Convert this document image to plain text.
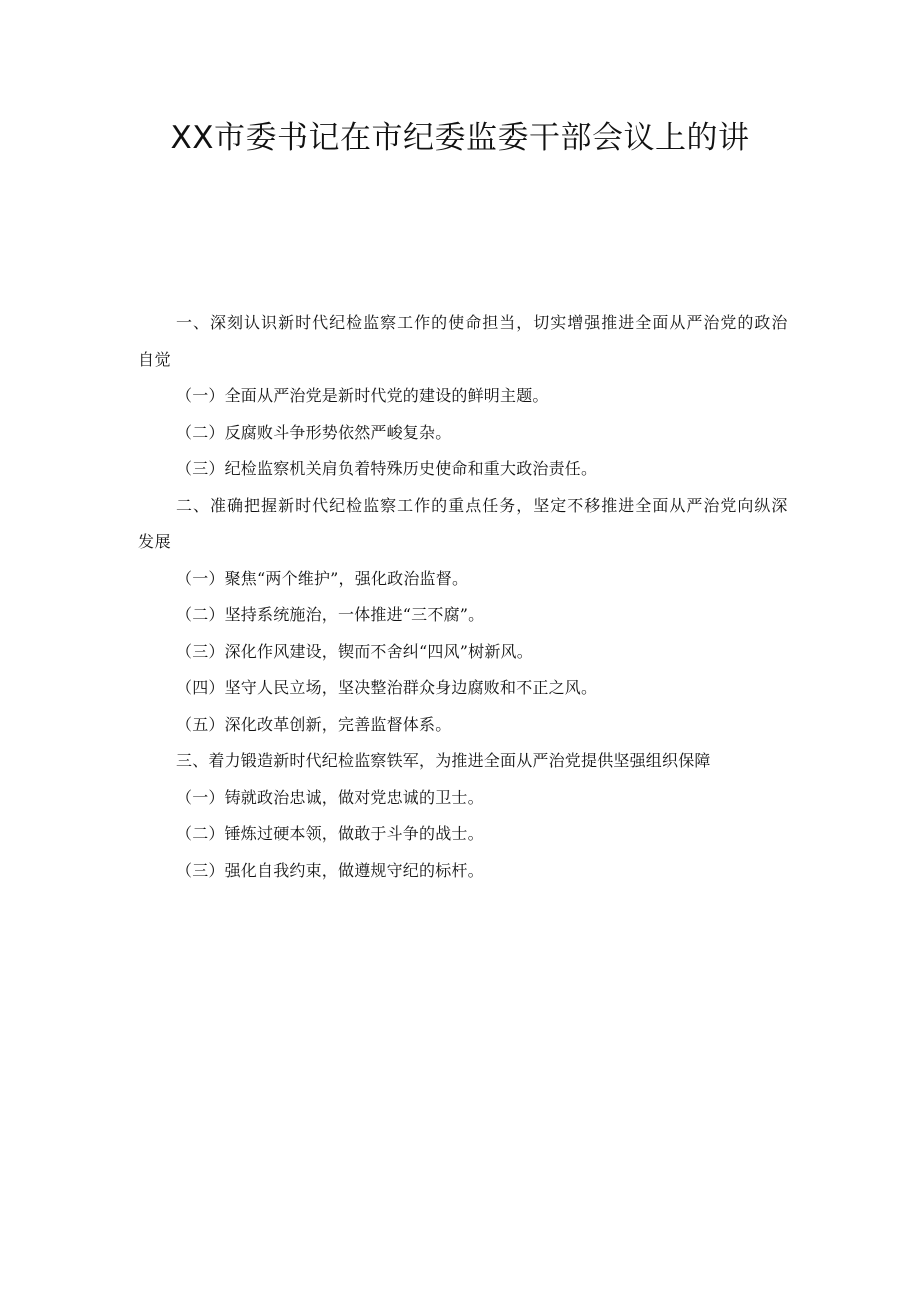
XX市委书记在市纪委监委干部会议上的讲

一、深刻认识新时代纪检监察工作的使命担当，切实增强推进全面从严治党的政治自觉

（一）全面从严治党是新时代党的建设的鲜明主题。

（二）反腐败斗争形势依然严峻复杂。

（三）纪检监察机关肩负着特殊历史使命和重大政治责任。

二、准确把握新时代纪检监察工作的重点任务，坚定不移推进全面从严治党向纵深发展

（一）聚焦“两个维护”，强化政治监督。

（二）坚持系统施治，一体推进“三不腐”。

（三）深化作风建设，锲而不舍纠“四风”树新风。

（四）坚守人民立场，坚决整治群众身边腐败和不正之风。

（五）深化改革创新，完善监督体系。

三、着力锻造新时代纪检监察铁军，为推进全面从严治党提供坚强组织保障

（一）铸就政治忠诚，做对党忠诚的卫士。

（二）锤炼过硬本领，做敢于斗争的战士。

（三）强化自我约束，做遵规守纪的标杆。
